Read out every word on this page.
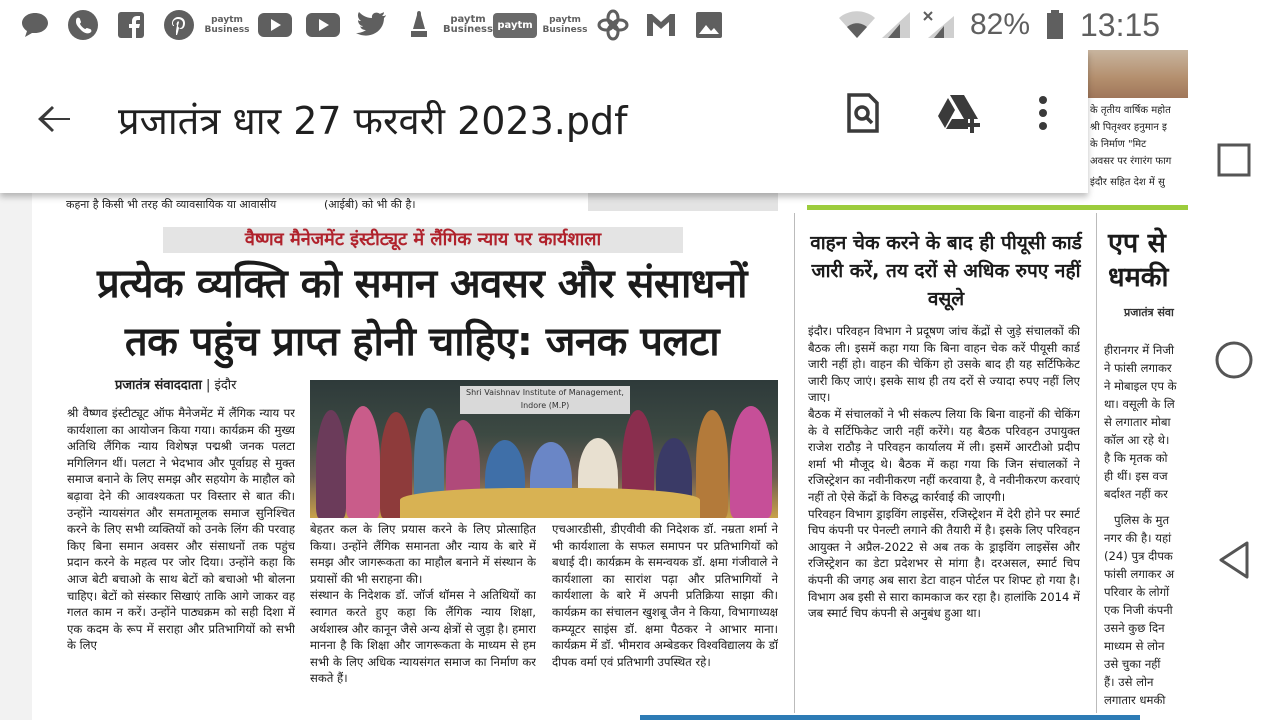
paytm
Business
paytm
Business paytm	paytm
Business	82% 13:15
के तृतीय वार्षिक महोत
श्री पितृश्वर हनुमान इ
के निर्माण "मिट
अवसर पर रंगारंग फाग
इंदौर सहित देश में सु
कहना है किसी भी तरह की व्यावसायिक या आवासीय	(आईबी) को भी की है।
वैष्णव मैनेजमेंट इंस्टीट्यूट में लैंगिक न्याय पर कार्यशाला
प्रत्येक व्यक्ति को समान अवसर और संसाधनों
तक पहुंच प्राप्त होनी चाहिए: जनक पलटा
प्रजातंत्र संवाददाता | इंदौर	Shri Vaishnav Institute of Management, Indore (M.P)
श्री वैष्णव इंस्टीट्यूट ऑफ मैनेजमेंट में लैंगिक न्याय पर कार्यशाला का आयोजन किया गया। कार्यक्रम की मुख्य अतिथि लैंगिक न्याय विशेषज्ञ पद्मश्री जनक पलटा मगिलिगन थीं। पलटा ने भेदभाव और पूर्वाग्रह से मुक्त समाज बनाने के लिए समझ और सहयोग के माहौल को बढ़ावा देने की आवश्यकता पर विस्तार से बात की। उन्होंने न्यायसंगत और समतामूलक समाज सुनिश्चित करने के लिए सभी व्यक्तियों को उनके लिंग की परवाह किए बिना समान अवसर और संसाधनों तक पहुंच प्रदान करने के महत्व पर जोर दिया। उन्होंने कहा कि आज बेटी बचाओ के साथ बेटों को बचाओ भी बोलना चाहिए। बेटों को संस्कार सिखाएं ताकि आगे जाकर वह गलत काम न करें। उन्होंने पाठ्यक्रम को सही दिशा में एक कदम के रूप में सराहा और प्रतिभागियों को सभी के लिए
बेहतर कल के लिए प्रयास करने के लिए प्रोत्साहित किया। उन्होंने लैंगिक समानता और न्याय के बारे में समझ और जागरूकता का माहौल बनाने में संस्थान के प्रयासों की भी सराहना की।
संस्थान के निदेशक डॉ. जॉर्ज थॉमस ने अतिथियों का स्वागत करते हुए कहा कि लैंगिक न्याय शिक्षा, अर्थशास्त्र और कानून जैसे अन्य क्षेत्रों से जुड़ा है। हमारा मानना है कि शिक्षा और जागरूकता के माध्यम से हम सभी के लिए अधिक न्यायसंगत समाज का निर्माण कर सकते हैं।
एचआरडीसी, डीएवीवी की निदेशक डॉ. नम्रता शर्मा ने भी कार्यशाला के सफल समापन पर प्रतिभागियों को बधाई दी। कार्यक्रम के समन्वयक डॉ. क्षमा गंजीवाले ने कार्यशाला का सारांश पढ़ा और प्रतिभागियों ने कार्यशाला के बारे में अपनी प्रतिक्रिया साझा की। कार्यक्रम का संचालन खुशबू जैन ने किया, विभागाध्यक्ष कम्प्यूटर साइंस डॉ. क्षमा पैठकर ने आभार माना। कार्यक्रम में डॉ. भीमराव अम्बेडकर विश्वविद्यालय के डॉ दीपक वर्मा एवं प्रतिभागी उपस्थित रहे।
वाहन चेक करने के बाद ही पीयूसी कार्ड जारी करें, तय दरों से अधिक रुपए नहीं वसूले
इंदौर। परिवहन विभाग ने प्रदूषण जांच केंद्रों से जुड़े संचालकों की बैठक ली। इसमें कहा गया कि बिना वाहन चेक करें पीयूसी कार्ड जारी नहीं हो। वाहन की चेकिंग हो उसके बाद ही यह सर्टिफिकेट जारी किए जाएं। इसके साथ ही तय दरों से ज्यादा रुपए नहीं लिए जाए।
बैठक में संचालकों ने भी संकल्प लिया कि बिना वाहनों की चेकिंग के वे सर्टिफिकेट जारी नहीं करेंगे। यह बैठक परिवहन उपायुक्त राजेश राठौड़ ने परिवहन कार्यालय में ली। इसमें आरटीओ प्रदीप शर्मा भी मौजूद थे। बैठक में कहा गया कि जिन संचालकों ने रजिस्ट्रेशन का नवीनीकरण नहीं करवाया है, वे नवीनीकरण करवाएं नहीं तो ऐसे केंद्रों के विरुद्ध कार्रवाई की जाएगी।
परिवहन विभाग ड्राइविंग लाइसेंस, रजिस्ट्रेशन में देरी होने पर स्मार्ट चिप कंपनी पर पेनल्टी लगाने की तैयारी में है। इसके लिए परिवहन आयुक्त ने अप्रैल-2022 से अब तक के ड्राइविंग लाइसेंस और रजिस्ट्रेशन का डेटा प्रदेशभर से मांगा है। दरअसल, स्मार्ट चिप कंपनी की जगह अब सारा डेटा वाहन पोर्टल पर शिफ्ट हो गया है। विभाग अब इसी से सारा कामकाज कर रहा है। हालांकि 2014 में जब स्मार्ट चिप कंपनी से अनुबंध हुआ था।
एप से
धमकी
प्रजातंत्र संवा
हीरानगर में निजी
ने फांसी लगाकर
ने मोबाइल एप के
था। वसूली के लि
से लगातार मोबा
कॉल आ रहे थे।
है कि मृतक को
ही थीं। इस वज
बर्दाश्त नहीं कर
पुलिस के मुत
नगर की है। यहां
(24) पुत्र दीपक
फांसी लगाकर अ
परिवार के लोगों
एक निजी कंपनी
उसने कुछ दिन
माध्यम से लोन
उसे चुका नहीं
हैं। उसे लोन
लगातार धमकी
प्रजातंत्र धार 27 फरवरी 2023.pdf
